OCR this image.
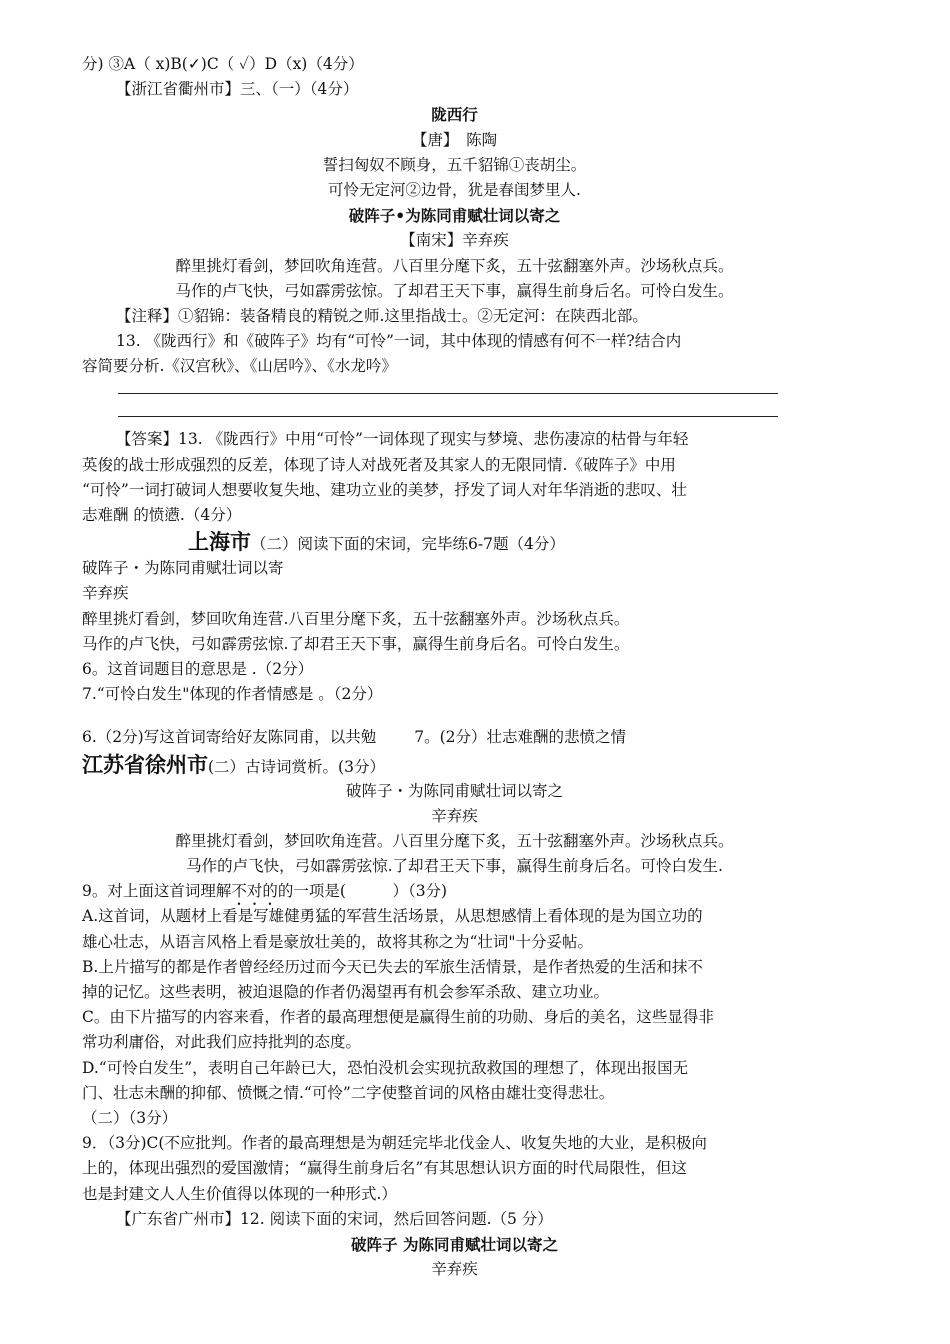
分) ③A（ x)B(✓)C（ ✓）D（x)（4分）
【浙江省衢州市】三、（一）（4分）
陇西行
【唐】　陈陶
誓扫匈奴不顾身，五千貂锦①丧胡尘。
可怜无定河②边骨，犹是春闺梦里人.
破阵子•为陈同甫赋壮词以寄之
【南宋】辛弃疾
醉里挑灯看剑，梦回吹角连营。八百里分麾下炙，五十弦翻塞外声。沙场秋点兵。
马作的卢飞快，弓如霹雳弦惊。了却君王天下事，赢得生前身后名。可怜白发生。
【注释】①貂锦：装备精良的精锐之师.这里指战士。②无定河：在陕西北部。
13. 《陇西行》和《破阵子》均有“可怜”一词，其中体现的情感有何不一样?结合内
容简要分析.《汉宫秋》、《山居吟》、《水龙吟》
【答案】13. 《陇西行》中用“可怜”一词体现了现实与梦境、悲伤凄凉的枯骨与年轻
英俊的战士形成强烈的反差，体现了诗人对战死者及其家人的无限同情.《破阵子》中用
“可怜”一词打破词人想要收复失地、建功立业的美梦，抒发了词人对年华消逝的悲叹、壮
志难酬 的愤懑.（4分）
上海市（二）阅读下面的宋词，完毕练6-7题（4分）
破阵子・为陈同甫赋壮词以寄
辛弃疾
醉里挑灯看剑，梦回吹角连营.八百里分麾下炙，五十弦翻塞外声。沙场秋点兵。
马作的卢飞快，弓如霹雳弦惊.了却君王天下事，赢得生前身后名。可怜白发生。
6。这首词题目的意思是 .（2分）
7.“可怜白发生"体现的作者情感是 。（2分）
6.（2分)写这首词寄给好友陈同甫，以共勉 7。(2分）壮志难酬的悲愤之情
江苏省徐州市(二）古诗词赏析。(3分）
破阵子・为陈同甫赋壮词以寄之
辛弃疾
醉里挑灯看剑，梦回吹角连营。八百里分麾下炙，五十弦翻塞外声。沙场秋点兵。
马作的卢飞快，弓如霹雳弦惊.了却君王天下事，赢得生前身后名。可怜白发生.
9。对上面这首词理解不对的的一项是(　　　）（3分)
A.这首词，从题材上看是写雄健勇猛的军营生活场景，从思想感情上看体现的是为国立功的
雄心壮志，从语言风格上看是豪放壮美的，故将其称之为“壮词"十分妥帖。
B.上片描写的都是作者曾经经历过而今天已失去的军旅生活情景，是作者热爱的生活和抹不
掉的记忆。这些表明，被迫退隐的作者仍渴望再有机会参军杀敌、建立功业。
C。由下片描写的内容来看，作者的最高理想便是赢得生前的功勋、身后的美名，这些显得非
常功利庸俗，对此我们应持批判的态度。
D.“可怜白发生”，表明自己年龄已大，恐怕没机会实现抗敌救国的理想了，体现出报国无
门、壮志未酬的抑郁、愤慨之情.“可怜”二字使整首词的风格由雄壮变得悲壮。
（二）（3分）
9．（3分)C(不应批判。作者的最高理想是为朝廷完毕北伐金人、收复失地的大业，是积极向
上的，体现出强烈的爱国激情；“赢得生前身后名”有其思想认识方面的时代局限性，但这
也是封建文人人生价值得以体现的一种形式.）
【广东省广州市】12. 阅读下面的宋词，然后回答问题.（5 分）
破阵子 为陈同甫赋壮词以寄之
辛弃疾
